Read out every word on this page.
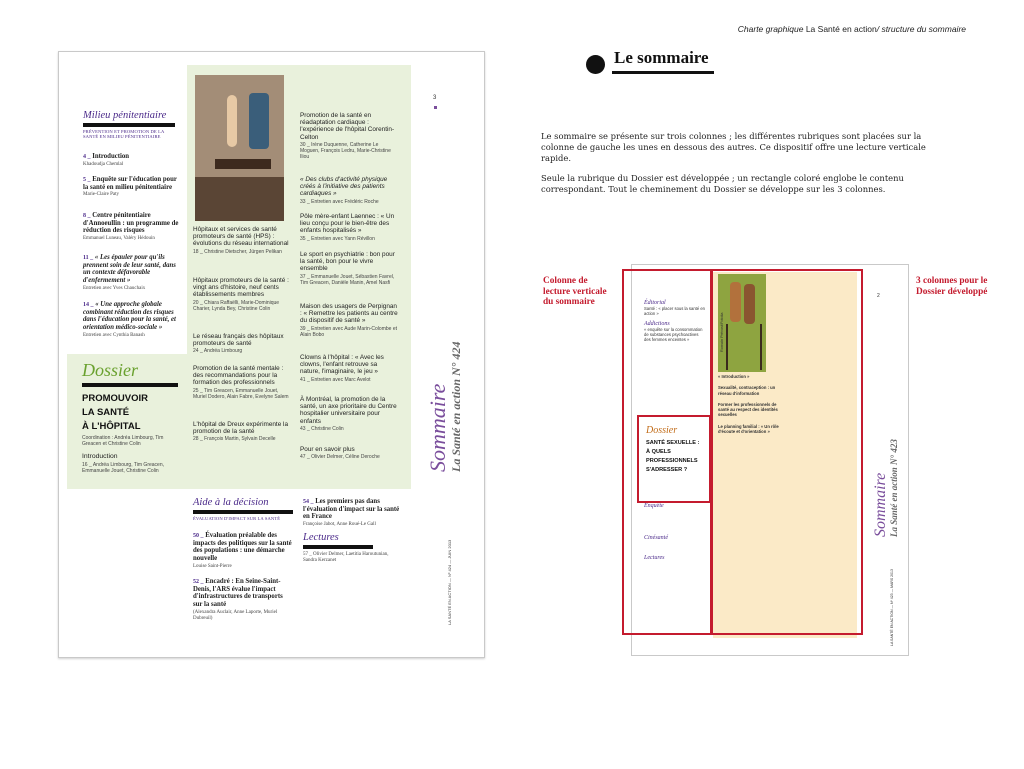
Charte graphique La Santé en action/ structure du sommaire
Le sommaire

Le sommaire se présente sur trois colonnes ; les différentes rubriques sont placées sur la colonne de gauche les unes en dessous des autres. Ce dispositif offre une lecture verticale rapide.

Seule la rubrique du Dossier est développée ; un rectangle coloré englobe le contenu correspondant. Tout le cheminement du Dossier se développe sur les 3 colonnes.

Milieu pénitentiaire
PRÉVENTION ET PROMOTION DE LA SANTÉ EN MILIEU PÉNITENTIAIRE
4 _ Introduction
Khadoudja Chemlal
5 _ Enquête sur l'éducation pour la santé en milieu pénitentiaire
Marie-Claire Paty
8 _ Centre pénitentiaire d'Annoeullin : un programme de réduction des risques
Emmanuel Luneau, Valéry Hédouin
11 _ « Les épauler pour qu'ils prennent soin de leur santé, dans un contexte défavorable d'enfermement »
Entretien avec Yves Chauchaix
14 _ « Une approche globale combinant réduction des risques dans l'éducation pour la santé, et orientation médico-sociale »
Entretien avec Cynthia Banash
Dossier
PROMOUVOIR
LA SANTÉ
À L'HÔPITAL
Coordination : Andréa Limbourg, Tim Greacen et Christine Colin
Introduction
16 _ Andréa Limbourg, Tim Greacen, Emmanuelle Jouet, Christine Colin
Hôpitaux et services de santé promoteurs de santé (HPS) : évolutions du réseau international
18 _ Christine Dietscher, Jürgen Pelikan
Hôpitaux promoteurs de la santé : vingt ans d'histoire, neuf cents établissements membres
20 _ Chiara Raffaëlli, Marie-Dominique Charier, Lynda Bey, Christine Colin
Le réseau français des hôpitaux promoteurs de santé
24 _ Andréa Limbourg
Promotion de la santé mentale : des recommandations pour la formation des professionnels
25 _ Tim Greacen, Emmanuelle Jouet, Muriel Dodero, Alain Fabre, Evelyne Salem
L'hôpital de Dreux expérimente la promotion de la santé
28 _ François Martin, Sylvain Decelle
Promotion de la santé en réadaptation cardiaque : l'expérience de l'hôpital Corentin-Celton
30 _ Irène Duquenne, Catherine Le Moguen, François Ledru, Marie-Christine Iliou
« Des clubs d'activité physique créés à l'initiative des patients cardiaques »
33 _ Entretien avec Frédéric Roche
Pôle mère-enfant Laennec : « Un lieu conçu pour le bien-être des enfants hospitalisés »
35 _ Entretien avec Yann Révillon
Le sport en psychiatrie : bon pour la santé, bon pour le vivre ensemble
37 _ Emmanuelle Jouet, Sébastien Favrel, Tim Greacen, Danièle Manin, Amel Nasfi
Maison des usagers de Perpignan : « Remettre les patients au centre du dispositif de santé »
39 _ Entretien avec Aude Marin-Colombe et Alain Bobo
Clowns à l'hôpital : « Avec les clowns, l'enfant retrouve sa nature, l'imaginaire, le jeu »
41 _ Entretien avec Marc Avelot
À Montréal, la promotion de la santé, un axe prioritaire du Centre hospitalier universitaire pour enfants
43 _ Christine Colin
Pour en savoir plus
47 _ Olivier Delmer, Céline Deroche
Aide à la décision
ÉVALUATION D'IMPACT SUR LA SANTÉ
50 _ Évaluation préalable des impacts des politiques sur la santé des populations : une démarche nouvelle
Louise Saint-Pierre
52 _ Encadré : En Seine-Saint-Denis, l'ARS évalue l'impact d'infrastructures de transports sur la santé
(Alexandra Auclair, Anne Laporte, Muriel Dubreuil)
54 _ Les premiers pas dans l'évaluation d'impact sur la santé en France
Françoise Jabot, Anne Roué-Le Gall
Lectures
57 _ Olivier Delmer, Laetitia Haroutunian, Sandra Kerzanet
3
Sommaire La Santé en action N° 424
LA SANTÉ EN ACTION — Nº 424 — JUIN 2013
Éditorial
Santé : « placer sous la santé en action »
Addictions
« enquête sur la consommation de substances psychoactives des femmes enceintes »
Dossier
SANTÉ SEXUELLE :
À QUELS
PROFESSIONNELS
S'ADRESSER ?
Enquête
Cinésanté
Lectures
« Introduction »
Sexualité, contraception : un réseau d'information
Former les professionnels de santé au respect des identités sexuelles
Le planning familial : « Un rôle d'écoute et d'orientation »
Romain Prévost/Fotolia
2
Sommaire La Santé en action N° 423
LA SANTÉ EN ACTION — Nº 423 — MARS 2013
Colonne de lecture verticale du sommaire
3 colonnes pour le Dossier développé
